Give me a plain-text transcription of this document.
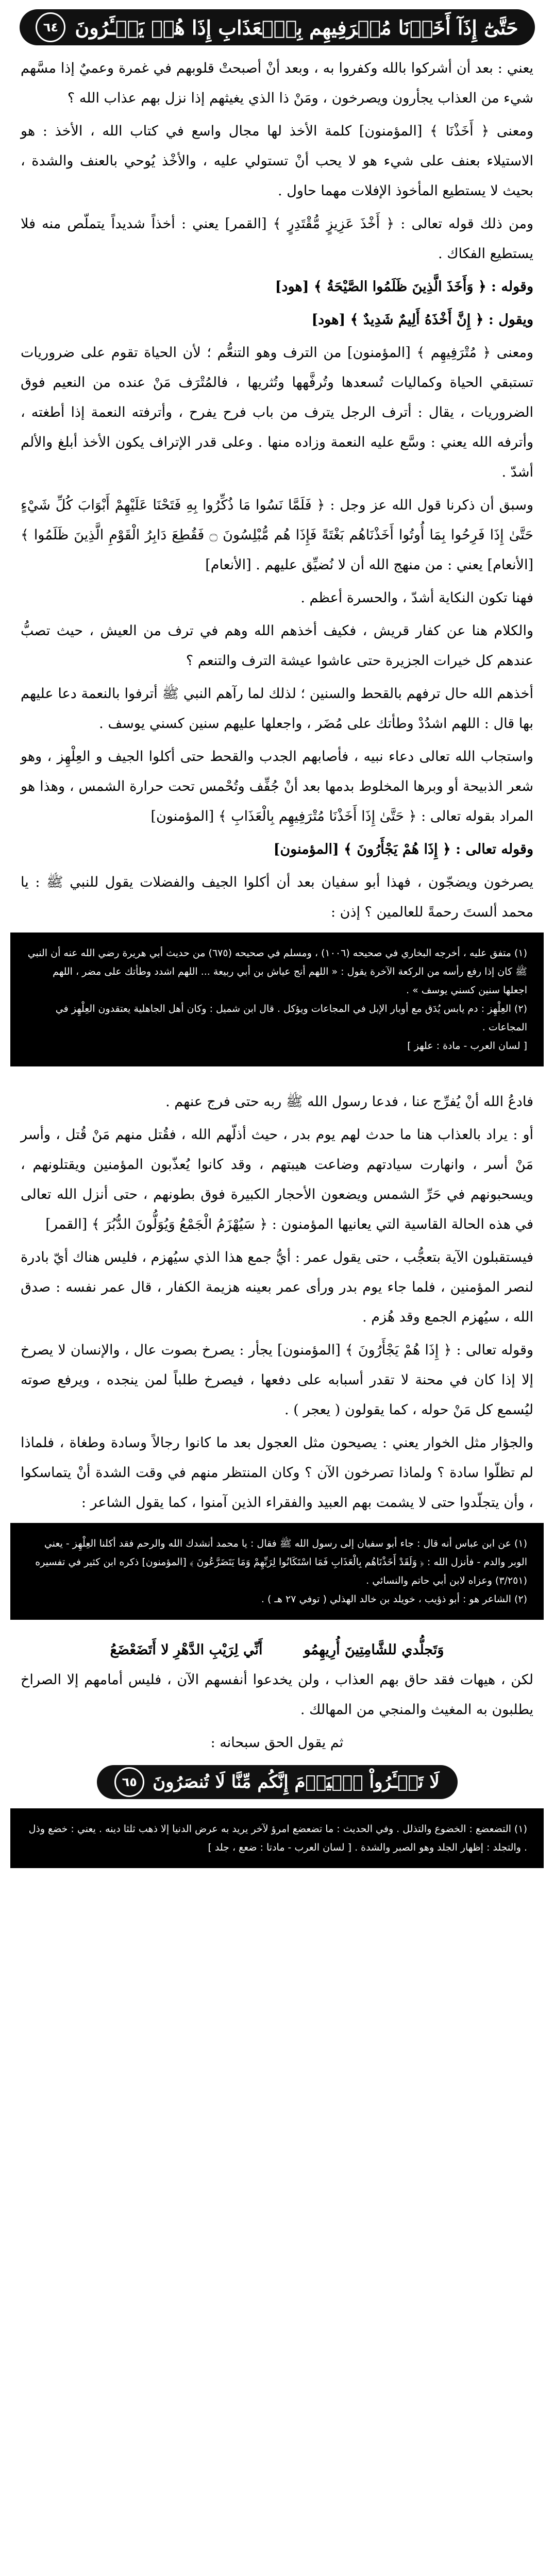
حَتَّىٰٓ إِذَآ أَخَذۡنَا مُتۡرَفِيهِم بِٱلۡعَذَابِ إِذَا هُمۡ يَجۡـَٔرُونَ
٦٤

يعني : بعد أن أشركوا بالله وكفروا به ، وبعد أنْ أصبحتْ قلوبهم في غمرة وعميٌ إذا مسَّهم شيء من العذاب يجأرون ويصرخون ، ومَنْ ذا الذي يغيثهم إذا نزل بهم عذاب الله ؟

ومعنى ﴿ أَخَذْنَا ﴾ [المؤمنون] كلمة الأخذ لها مجال واسع في كتاب الله ، الأخذ : هو الاستيلاء بعنف على شيء هو لا يحب أنْ تستولي عليه ، والأخْذ يُوحي بالعنف والشدة ، بحيث لا يستطيع المأخوذ الإفلات مهما حاول .

ومن ذلك قوله تعالى : ﴿ أَخْذَ عَزِيزٍ مُّقْتَدِرٍ ﴾ [القمر] يعني : أخذاً شديداً يتملّص منه فلا يستطيع الفكاك .

وقوله : ﴿ وَأَخَذَ الَّذِينَ ظَلَمُوا الصَّيْحَةُ ﴾ [هود]

ويقول : ﴿ إِنَّ أَخْذَهُ أَلِيمٌ شَدِيدٌ ﴾ [هود]

ومعنى ﴿ مُتْرَفِيهِم ﴾ [المؤمنون] من الترف وهو التنعُّم ؛ لأن الحياة تقوم على ضروريات تستبقي الحياة وكماليات تُسعدها وتُرفَّهها وتُثريها ، فالمُتْرَف مَنْ عنده من النعيم فوق الضروريات ، يقال : أترف الرجل يترف من باب فرح يفرح ، وأترفته النعمة إذا أطغته ، وأترفه الله يعني : وسَّع عليه النعمة وزاده منها . وعلى قدر الإتراف يكون الأخذ أبلغ والألم أشدّ .

وسبق أن ذكرنا قول الله عز وجل : ﴿ فَلَمَّا نَسُوا مَا ذُكِّرُوا بِهِ فَتَحْنَا عَلَيْهِمْ أَبْوَابَ كُلِّ شَيْءٍ حَتَّىٰ إِذَا فَرِحُوا بِمَا أُوتُوا أَخَذْنَاهُم بَغْتَةً فَإِذَا هُم مُّبْلِسُونَ ۝ فَقُطِعَ دَابِرُ الْقَوْمِ الَّذِينَ ظَلَمُوا ﴾ [الأنعام] يعني : من منهج الله أن لا نُضيِّق عليهم . [الأنعام]

فهنا تكون النكاية أشدّ ، والحسرة أعظم .

والكلام هنا عن كفار قريش ، فكيف أخذهم الله وهم في ترف من العيش ، حيث تصبُّ عندهم كل خيرات الجزيرة حتى عاشوا عيشة الترف والتنعم ؟

أخذهم الله حال ترفهم بالقحط والسنين ؛ لذلك لما رآهم النبي ﷺ أترفوا بالنعمة دعا عليهم بها قال : اللهم اشدُدْ وطأتك على مُضَر ، واجعلها عليهم سنين كسني يوسف .

واستجاب الله تعالى دعاء نبيه ، فأصابهم الجدب والقحط حتى أكلوا الجيف و العِلْهِز ، وهو شعر الذبيحة أو وبرها المخلوط بدمها بعد أنْ جُفِّف وتُحْمس تحت حرارة الشمس ، وهذا هو المراد بقوله تعالى : ﴿ حَتَّىٰ إِذَا أَخَذْنَا مُتْرَفِيهِم بِالْعَذَابِ ﴾ [المؤمنون]

وقوله تعالى : ﴿ إِذَا هُمْ يَجْأَرُونَ ﴾ [المؤمنون]

يصرخون ويضجّون ، فهذا أبو سفيان بعد أن أكلوا الجيف والفضلات يقول للنبي ﷺ : يا محمد ألستَ رحمةً للعالمين ؟ إذن :

(١) متفق عليه ، أخرجه البخاري في صحيحه (١٠٠٦) ، ومسلم في صحيحه (٦٧٥) من حديث أبي هريرة رضي الله عنه أن النبي ﷺ كان إذا رفع رأسه من الركعة الآخرة يقول : « اللهم أنج عياش بن أبي ربيعة ... اللهم اشدد وطأتك على مضر ، اللهم اجعلها سنين كسني يوسف » .

(٢) العِلْهِز : دم يابس يُدَق مع أوبار الإبل في المجاعات ويؤكل . قال ابن شميل : وكان أهل الجاهلية يعتقدون العِلْهِز في المجاعات .

[ لسان العرب - مادة : علهز ]

فادعُ الله أنْ يُفرِّج عنا ، فدعا رسول الله ﷺ ربه حتى فرج عنهم .

أو : يراد بالعذاب هنا ما حدث لهم يوم بدر ، حيث أذلّهم الله ، فقُتل منهم مَنْ قُتل ، وأسر مَنْ أسر ، وانهارت سيادتهم وضاعت هيبتهم ، وقد كانوا يُعذّبون المؤمنين ويقتلونهم ، ويسحبونهم في حَرِّ الشمس ويضعون الأحجار الكبيرة فوق بطونهم ، حتى أنزل الله تعالى في هذه الحالة القاسية التي يعانيها المؤمنون : ﴿ سَيُهْزَمُ الْجَمْعُ وَيُوَلُّونَ الدُّبُرَ ﴾ [القمر]

فيستقبلون الآية بتعجُّب ، حتى يقول عمر : أيُّ جمع هذا الذي سيُهزم ، فليس هناك أيّ بادرة لنصر المؤمنين ، فلما جاء يوم بدر ورأى عمر بعينه هزيمة الكفار ، قال عمر نفسه : صدق الله ، سيُهزم الجمع وقد هُزم .

وقوله تعالى : ﴿ إِذَا هُمْ يَجْأَرُونَ ﴾ [المؤمنون] يجأر : يصرخ بصوت عال ، والإنسان لا يصرخ إلا إذا كان في محنة لا تقدر أسبابه على دفعها ، فيصرخ طلباً لمن ينجده ، ويرفع صوته ليُسمع كل مَنْ حوله ، كما يقولون ( يعجر ) .

والجؤار مثل الخوار يعني : يصيحون مثل العجول بعد ما كانوا رجالاً وسادة وطغاة ، فلماذا لم تظلّوا سادة ؟ ولماذا تصرخون الآن ؟ وكان المنتظر منهم في وقت الشدة أنْ يتماسكوا ، وأن يتجلّدوا حتى لا يشمت بهم العبيد والفقراء الذين آمنوا ، كما يقول الشاعر :

(١) عن ابن عباس أنه قال : جاء أبو سفيان إلى رسول الله ﷺ فقال : يا محمد أنشدك الله والرحم فقد أكلنا العِلْهِز - يعني الوبر والدم - فأنزل الله : ﴿ وَلَقَدْ أَخَذْنَاهُم بِالْعَذَابِ فَمَا اسْتَكَانُوا لِرَبِّهِمْ وَمَا يَتَضَرَّعُونَ ﴾ [المؤمنون] ذكره ابن كثير في تفسيره (٣/٢٥١) وعزاه لابن أبي حاتم والنسائي .

(٢) الشاعر هو : أبو ذؤيب ، خويلد بن خالد الهذلي ( توفي ٢٧ هـ ) .

وَتَجلُّدي للشَّامِتِينَ أُرِيهِمُو
أَنِّي لِرَيْبِ الدَّهْرِ لا أَتَضَعْضَعُ

لكن ، هيهات فقد حاق بهم العذاب ، ولن يخدعوا أنفسهم الآن ، فليس أمامهم إلا الصراخ يطلبون به المغيث والمنجي من المهالك .

ثم يقول الحق سبحانه :

لَا تَجۡـَٔرُواْ ٱلۡيَوۡمَ إِنَّكُم مِّنَّا لَا تُنصَرُونَ
٦٥

(١) التضعضع : الخضوع والتذلل . وفي الحديث : ما تضعضع امرؤ لآخر يريد به عرض الدنيا إلا ذهب ثلثا دينه . يعني : خضع وذل . والتجلد : إظهار الجلد وهو الصبر والشدة . [ لسان العرب - مادتا : ضعع ، جلد ]
